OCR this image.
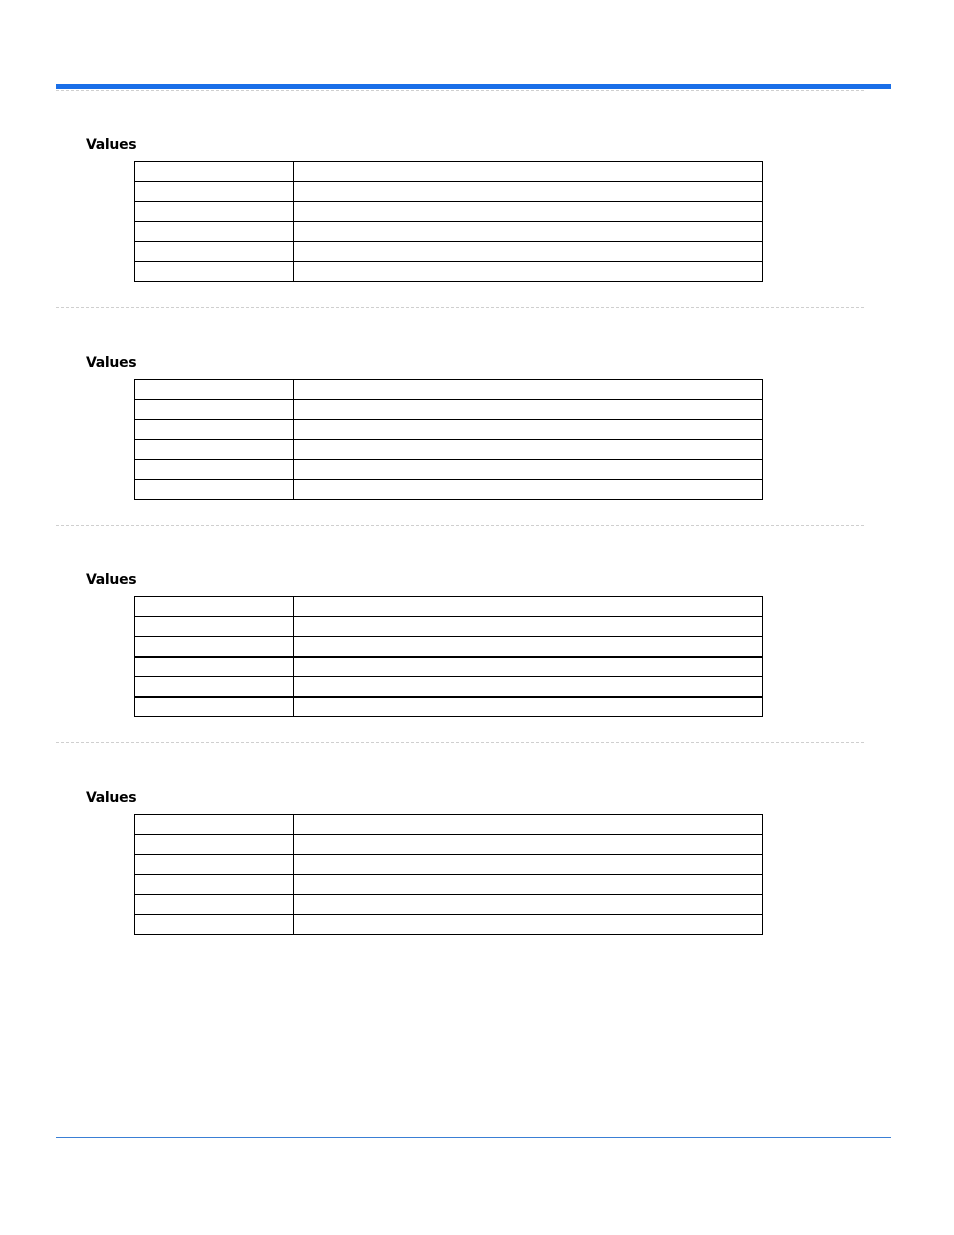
Values

Values

Values

Values
